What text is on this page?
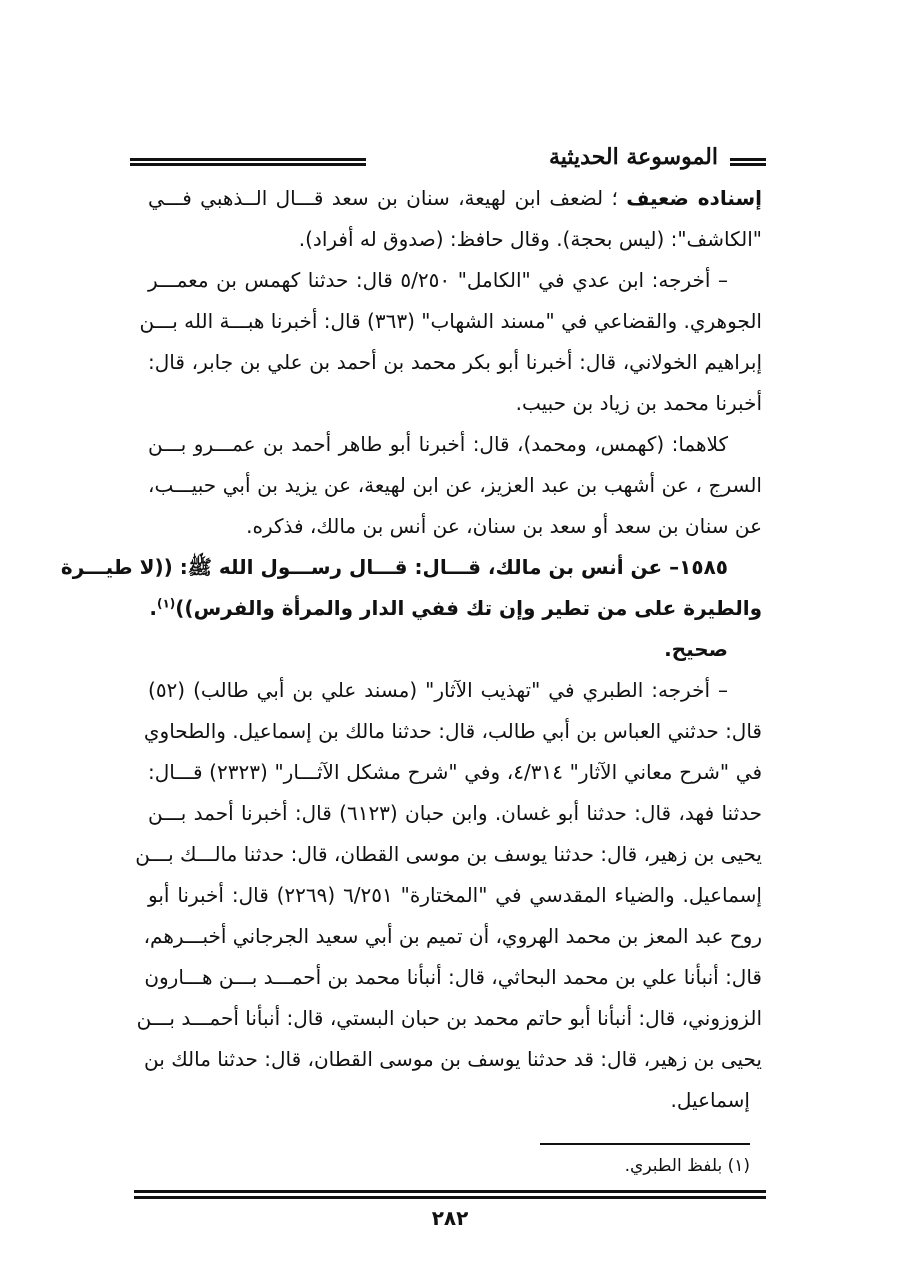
الموسوعة الحديثية
إسناده ضعيف ؛ لضعف ابن لهيعة، سنان بن سعد قـــال الــذهبي فـــي
"الكاشف": (ليس بحجة). وقال حافظ: (صدوق له أفراد).
– أخرجه: ابن عدي في "الكامل" ٥/٢٥٠ قال: حدثنا كهمس بن معمـــر
الجوهري. والقضاعي في "مسند الشهاب" (٣٦٣) قال: أخبرنا هبـــة الله بـــن
إبراهيم الخولاني، قال: أخبرنا أبو بكر محمد بن أحمد بن علي بن جابر، قال:
أخبرنا محمد بن زياد بن حبيب.
كلاهما: (كهمس، ومحمد)، قال: أخبرنا أبو طاهر أحمد بن عمـــرو بـــن
السرج ، عن أشهب بن عبد العزيز، عن ابن لهيعة، عن يزيد بن أبي حبيـــب،
عن سنان بن سعد أو سعد بن سنان، عن أنس بن مالك، فذكره.
١٥٨٥– عن أنس بن مالك، قـــال: قـــال رســـول الله ﷺ: ((لا طيـــرة
والطيرة على من تطير وإن تك ففي الدار والمرأة والفرس))$^{(١)}$.
صحيح.
– أخرجه: الطبري في "تهذيب الآثار" (مسند علي بن أبي طالب) (٥٢)
قال: حدثني العباس بن أبي طالب، قال: حدثنا مالك بن إسماعيل. والطحاوي
في "شرح معاني الآثار" ٤/٣١٤، وفي "شرح مشكل الآثـــار" (٢٣٢٣) قـــال:
حدثنا فهد، قال: حدثنا أبو غسان. وابن حبان (٦١٢٣) قال: أخبرنا أحمد بـــن
يحيى بن زهير، قال: حدثنا يوسف بن موسى القطان، قال: حدثنا مالـــك بـــن
إسماعيل. والضياء المقدسي في "المختارة" ٦/٢٥١ (٢٢٦٩) قال: أخبرنا أبو
روح عبد المعز بن محمد الهروي، أن تميم بن أبي سعيد الجرجاني أخبـــرهم،
قال: أنبأنا علي بن محمد البحاثي، قال: أنبأنا محمد بن أحمـــد بـــن هـــارون
الزوزوني، قال: أنبأنا أبو حاتم محمد بن حبان البستي، قال: أنبأنا أحمـــد بـــن
يحيى بن زهير، قال: قد حدثنا يوسف بن موسى القطان، قال: حدثنا مالك بن
إسماعيل.
(١) بلفظ الطبري.
٢٨٢
